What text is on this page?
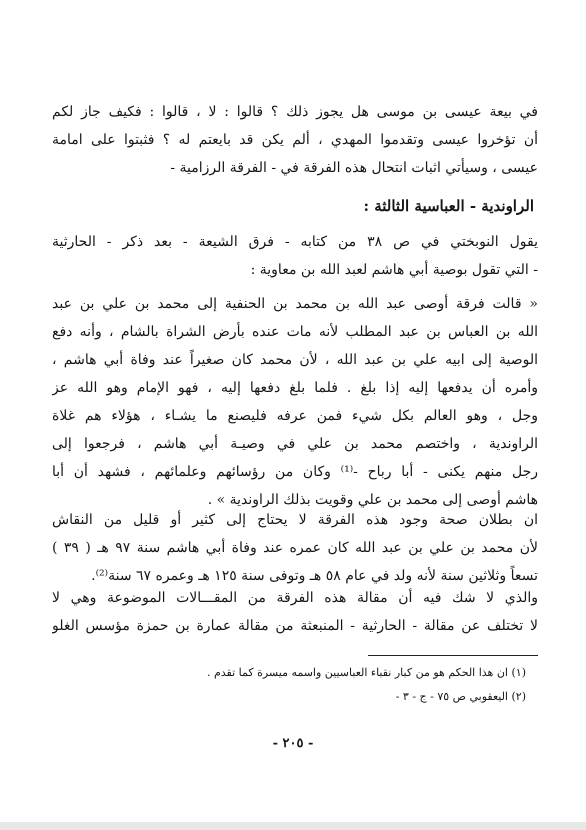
في بيعة عيسى بن موسى هل يجوز ذلك ؟ قالوا : لا ، قالوا : فكيف جاز لكم
أن تؤخروا عيسى وتقدموا المهدي ، ألم يكن قد بايعتم له ؟ فثبتوا على امامة
عيسى ، وسيأتي اثبات انتحال هذه الفرقة في - الفرقة الرزامية -
الراوندية - العباسية الثالثة :
يقول النوبختي في ص ٣٨ من كتابه - فرق الشيعة - بعد ذكر - الحارثية
- التي تقول بوصية أبي هاشم لعبد الله بن معاوية :
« قالت فرقة أوصى عبد الله بن محمد بن الحنفية إلى محمد بن علي بن عبد
الله بن العباس بن عبد المطلب لأنه مات عنده بأرض الشراة بالشام ، وأنه دفع
الوصية إلى ابيه علي بن عبد الله ، لأن محمد كان صغيراً عند وفاة أبي هاشم ،
وأمره أن يدفعها إليه إذا بلغ . فلما بلغ دفعها إليه ، فهو الإمام وهو الله عز
وجل ، وهو العالم بكل شيء فمن عرفه فليصنع ما يشـاء ، هؤلاء هم غلاة
الراوندية ، واختصم محمد بن علي في وصيـة أبي هاشم ، فرجعوا إلى
رجل منهم يكنى - أبا رباح -⁽¹⁾ وكان من رؤسائهم وعلمائهم ، فشهد أن أبا
هاشم أوصى إلى محمد بن علي وقويت بذلك الراوندية » .
ان بطلان صحة وجود هذه الفرقة لا يحتاج إلى كثير أو قليل من النقاش
لأن محمد بن علي بن عبد الله كان عمره عند وفاة أبي هاشم سنة ٩٧ هـ ( ٣٩ )
تسعاً وثلاثين سنة لأنه ولد في عام ٥٨ هـ وتوفى سنة ١٢٥ هـ وعمره ٦٧ سنة⁽²⁾.
والذي لا شك فيه أن مقالة هذه الفرقة من المقـــالات الموضوعة وهي لا
لا تختلف عن مقالة - الحارثية - المنبعثة من مقالة عمارة بن حمزة مؤسس الغلو
(١) ان هذا الحكم هو من كبار نقباء العباسيين واسمه ميسرة كما تقدم .
(٢) اليعقوبي ص ٧٥ - ج - ٣ -
- ٢٠٥ -
